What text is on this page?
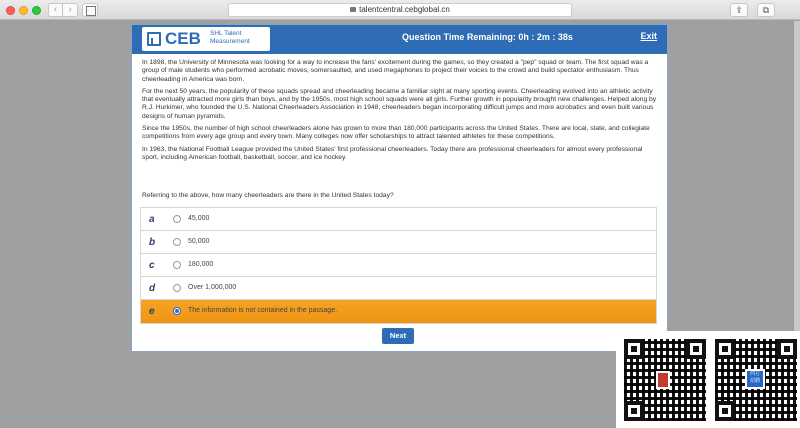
‹	›	talentcentral.cebglobal.cn	⇪	⧉
CEB SHL Talent Measurement	Question Time Remaining: 0h : 2m : 38s	Exit

In 1898, the University of Minnesota was looking for a way to increase the fans' excitement during the games, so they created a "pep" squad or team. The first squad was a group of male students who performed acrobatic moves, somersaulted, and used megaphones to project their voices to the crowd and build spectator enthusiasm. Thus cheerleading in America was born.

For the next 50 years, the popularity of these squads spread and cheerleading became a familiar sight at many sporting events. Cheerleading evolved into an athletic activity that eventually attracted more girls than boys, and by the 1950s, most high school squads were all girls. Further growth in popularity brought new challenges. Helped along by R.J. Hurkimer, who founded the U.S. National Cheerleaders Association in 1948, cheerleaders began incorporating difficult jumps and more acrobatics and even built various designs of human pyramids.

Since the 1950s, the number of high school cheerleaders alone has grown to more than 180,000 participants across the United States. There are local, state, and collegiate competitions from every age group and every town. Many colleges now offer scholarships to attract talented athletes for these competitions.

In 1963, the National Football League provided the United States' first professional cheerleaders. Today there are professional cheerleaders for almost every professional sport, including American football, basketball, soccer, and ice hockey.

Referring to the above, how many cheerleaders are there in the United States today?
a	45,000
b	50,000
c	180,000
d	Over 1,000,000
e	The information is not contained in the passage.
Next
四方 招聘
